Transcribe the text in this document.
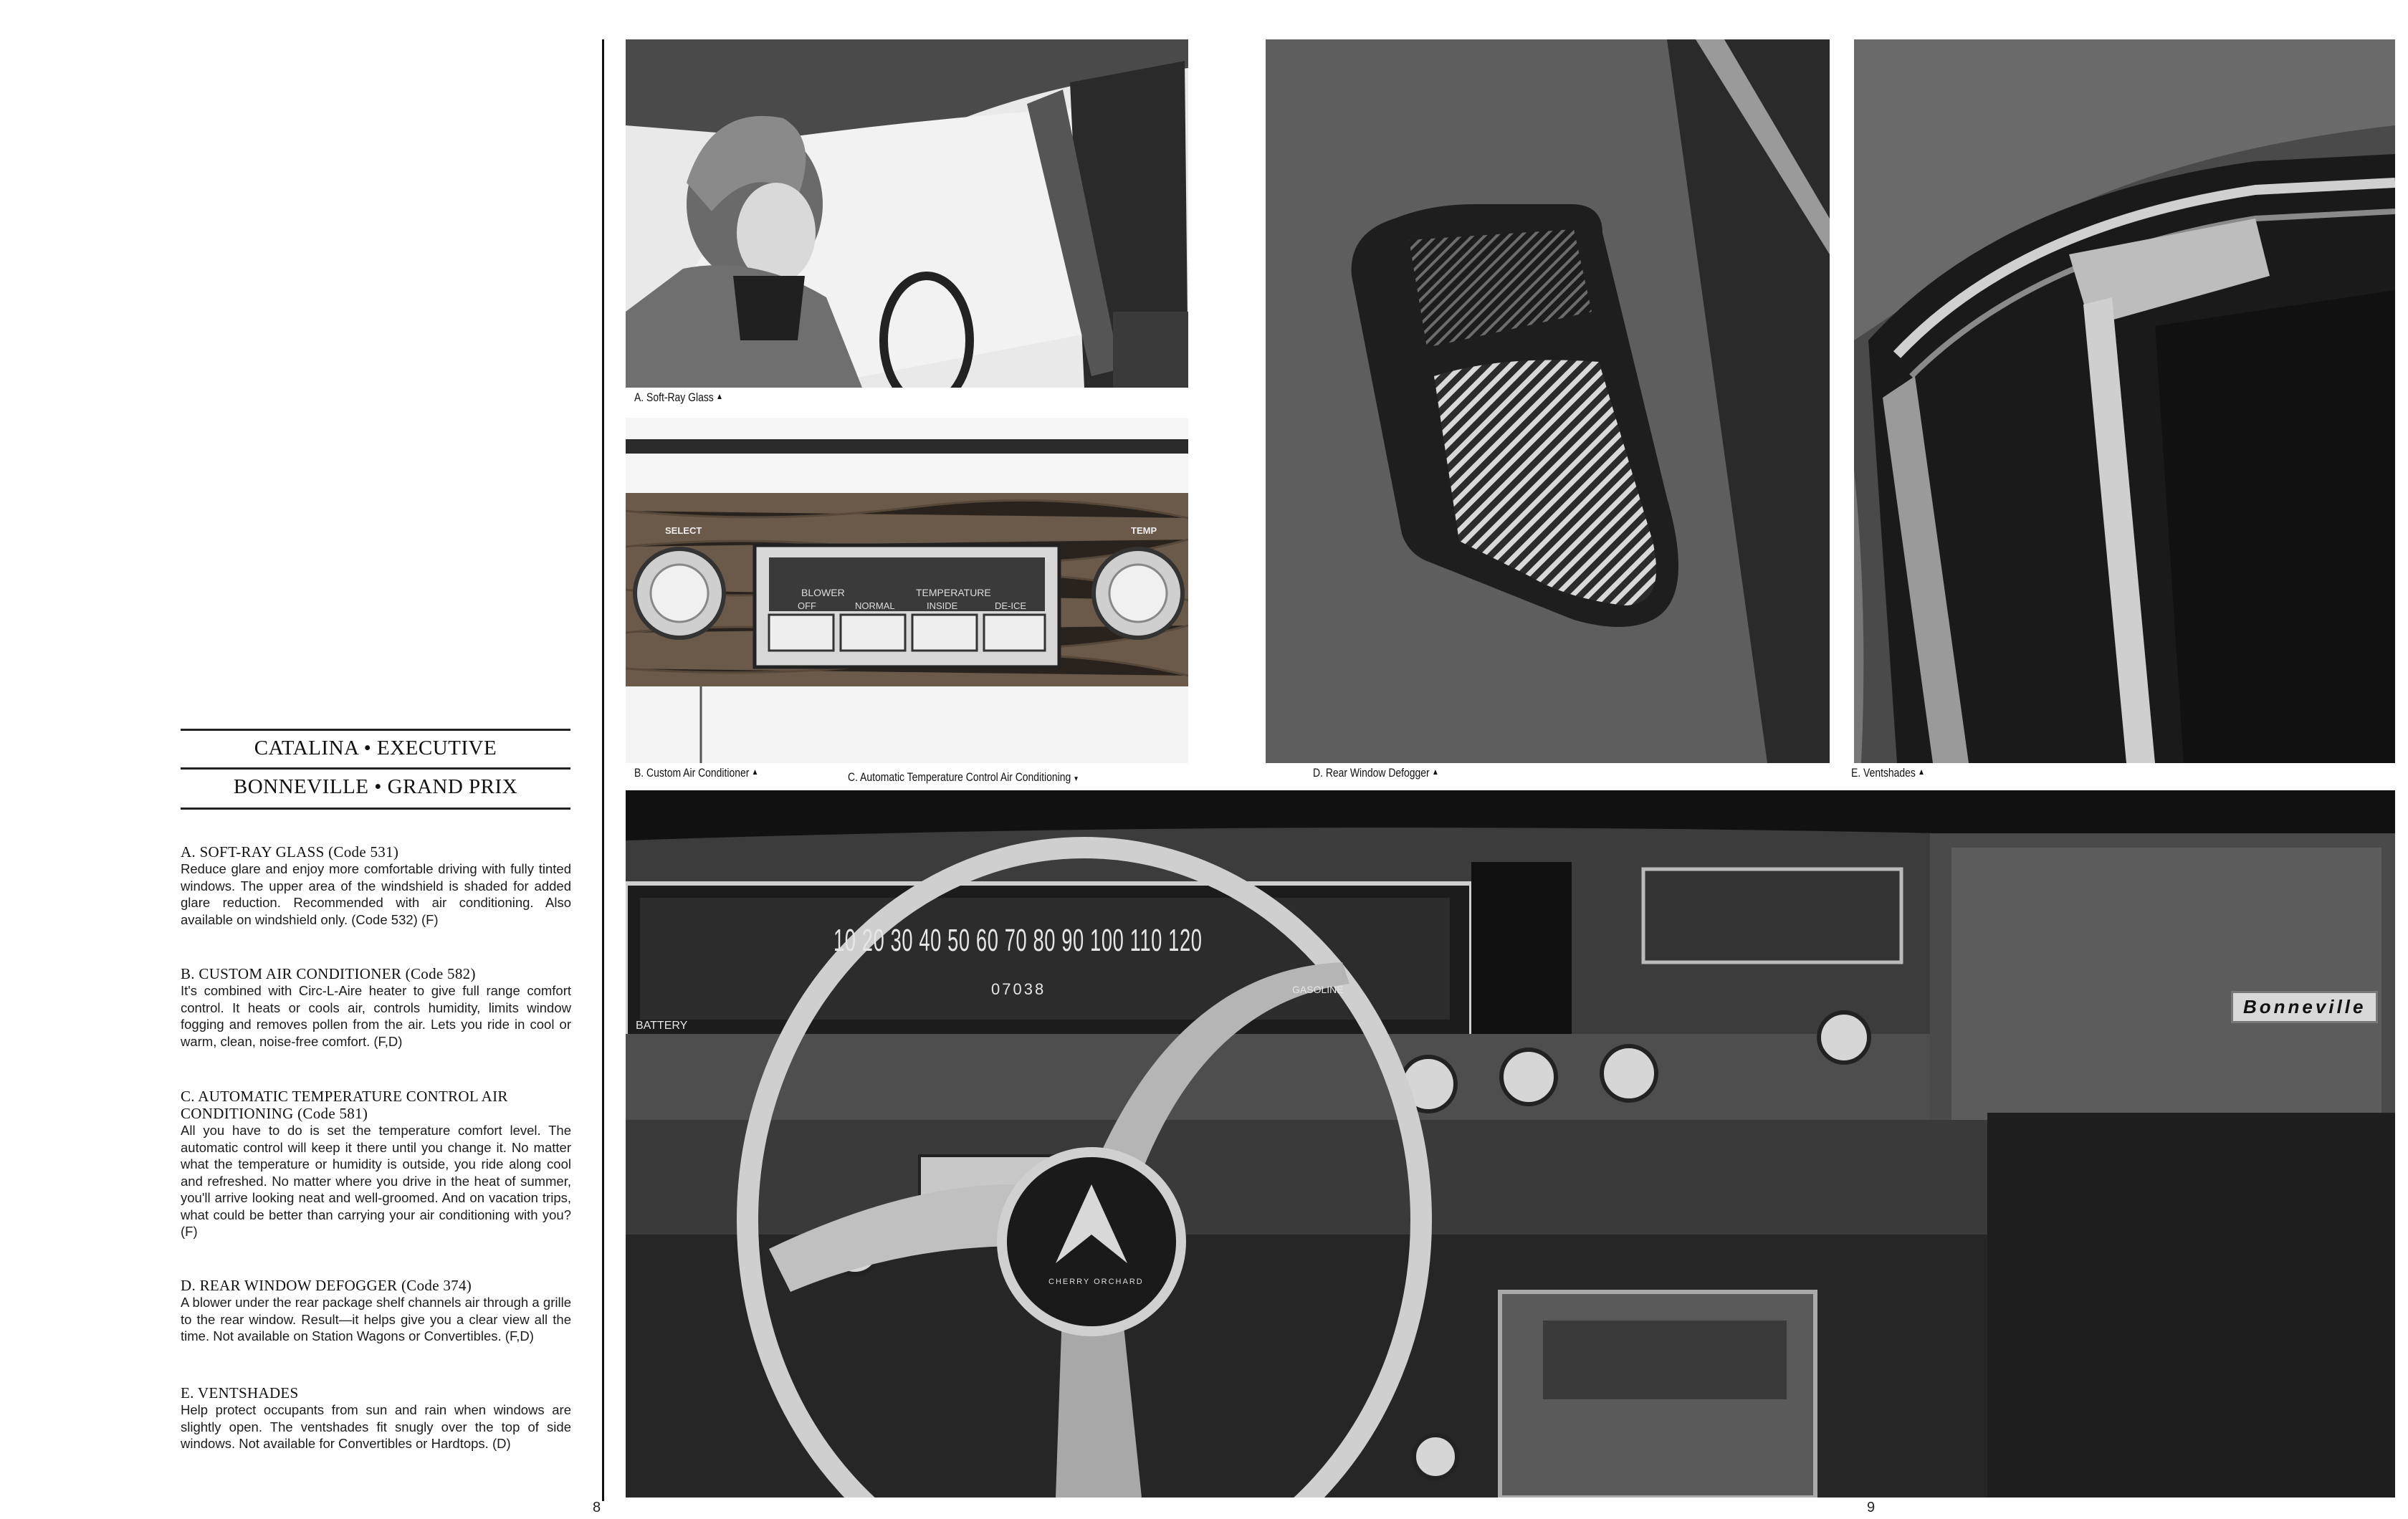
CATALINA • EXECUTIVE
BONNEVILLE • GRAND PRIX
A. SOFT-RAY GLASS (Code 531)

Reduce glare and enjoy more comfortable driving with fully tinted windows. The upper area of the windshield is shaded for added glare reduction. Recommended with air conditioning. Also available on windshield only. (Code 532) (F)

B. CUSTOM AIR CONDITIONER (Code 582)

It's combined with Circ-L-Aire heater to give full range comfort control. It heats or cools air, controls humidity, limits window fogging and removes pollen from the air. Lets you ride in cool or warm, clean, noise-free comfort. (F,D)

C. AUTOMATIC TEMPERATURE CONTROL AIR CONDITIONING (Code 581)

All you have to do is set the temperature comfort level. The automatic control will keep it there until you change it. No matter what the temperature or humidity is outside, you ride along cool and refreshed. No matter where you drive in the heat of summer, you'll arrive looking neat and well-groomed. And on vacation trips, what could be better than carrying your air conditioning with you? (F)

D. REAR WINDOW DEFOGGER (Code 374)

A blower under the rear package shelf channels air through a grille to the rear window. Result—it helps give you a clear view all the time. Not available on Station Wagons or Convertibles. (F,D)

E. VENTSHADES

Help protect occupants from sun and rain when windows are slightly open. The ventshades fit snugly over the top of side windows. Not available for Convertibles or Hardtops. (D)

8	9
A. Soft-Ray Glass ▲
SELECT	TEMP
BLOWER	TEMPERATURE
OFF	NORMAL	INSIDE	DE-ICE
B. Custom Air Conditioner ▲	C. Automatic Temperature Control Air Conditioning ▼	D. Rear Window Defogger ▲	E. Ventshades ▲
10 20 30 40 50 60 70 80 90 100 110 120
07038	GASOLINE
BATTERY
Bonneville
CHERRY ORCHARD
